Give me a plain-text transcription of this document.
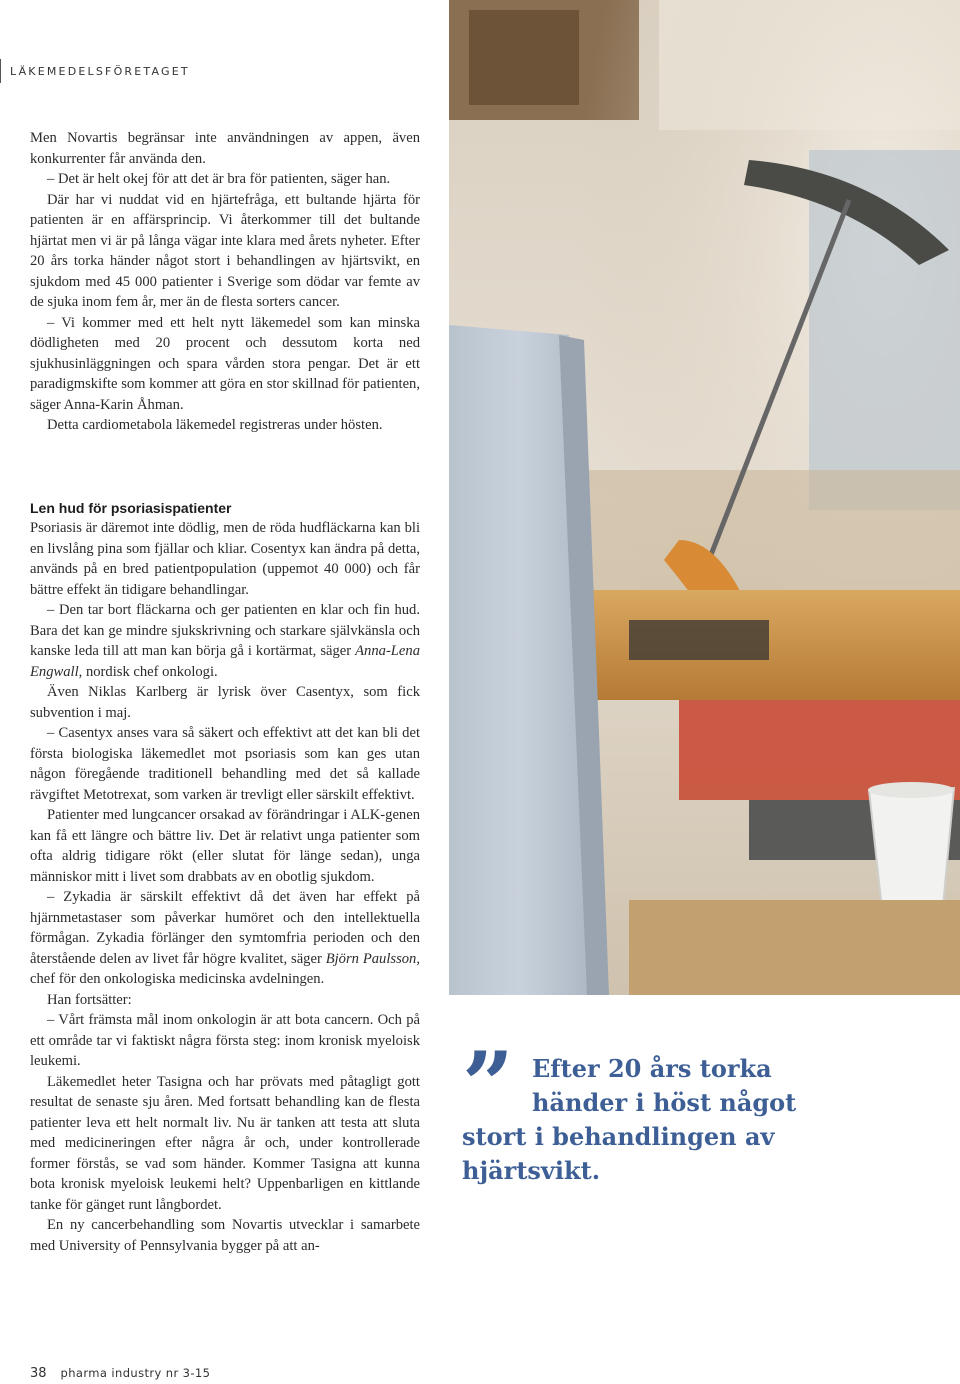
LÄKEMEDELSFÖRETAGET

Men Novartis begränsar inte användningen av appen, även konkurrenter får använda den.

– Det är helt okej för att det är bra för patienten, säger han.

Där har vi nuddat vid en hjärtefråga, ett bultande hjärta för patienten är en affärsprincip. Vi återkommer till det bultande hjärtat men vi är på långa vägar inte klara med årets nyheter. Efter 20 års torka händer något stort i behandlingen av hjärtsvikt, en sjukdom med 45 000 patienter i Sverige som dödar var femte av de sjuka inom fem år, mer än de flesta sorters cancer.

– Vi kommer med ett helt nytt läkemedel som kan minska dödligheten med 20 procent och dessutom korta ned sjukhusinläggningen och spara vården stora pengar. Det är ett paradigmskifte som kommer att göra en stor skillnad för patienten, säger Anna-Karin Åhman.

Detta cardiometabola läkemedel registreras under hösten.

Len hud för psoriasispatienter

Psoriasis är däremot inte dödlig, men de röda hudfläckarna kan bli en livslång pina som fjällar och kliar. Cosentyx kan ändra på detta, används på en bred patientpopulation (uppemot 40 000) och får bättre effekt än tidigare behandlingar.

– Den tar bort fläckarna och ger patienten en klar och fin hud. Bara det kan ge mindre sjukskrivning och starkare självkänsla och kanske leda till att man kan börja gå i kortärmat, säger Anna-Lena Engwall, nordisk chef onkologi.

Även Niklas Karlberg är lyrisk över Casentyx, som fick subvention i maj.

– Casentyx anses vara så säkert och effektivt att det kan bli det första biologiska läkemedlet mot psoriasis som kan ges utan någon föregående traditionell behandling med det så kallade rävgiftet Metotrexat, som varken är trevligt eller särskilt effektivt.

Patienter med lungcancer orsakad av förändringar i ALK-genen kan få ett längre och bättre liv. Det är relativt unga patienter som ofta aldrig tidigare rökt (eller slutat för länge sedan), unga människor mitt i livet som drabbats av en obotlig sjukdom.

– Zykadia är särskilt effektivt då det även har effekt på hjärnmetastaser som påverkar humöret och den intellektuella förmågan. Zykadia förlänger den symtomfria perioden och den återstående delen av livet får högre kvalitet, säger Björn Paulsson, chef för den onkologiska medicinska avdelningen.

Han fortsätter:

– Vårt främsta mål inom onkologin är att bota cancern. Och på ett område tar vi faktiskt några första steg: inom kronisk myeloisk leukemi.

Läkemedlet heter Tasigna och har prövats med påtagligt gott resultat de senaste sju åren. Med fortsatt behandling kan de flesta patienter leva ett helt normalt liv. Nu är tanken att testa att sluta med medicineringen efter några år och, under kontrollerade former förstås, se vad som händer. Kommer Tasigna att kunna bota kronisk myeloisk leukemi helt? Uppenbarligen en kittlande tanke för gänget runt långbordet.

En ny cancerbehandling som Novartis utvecklar i samarbete med University of Pennsylvania bygger på att an-

” Efter 20 års torka
händer i höst något
stort i behandlingen av
hjärtsvikt.
38 pharma industry nr 3-15
